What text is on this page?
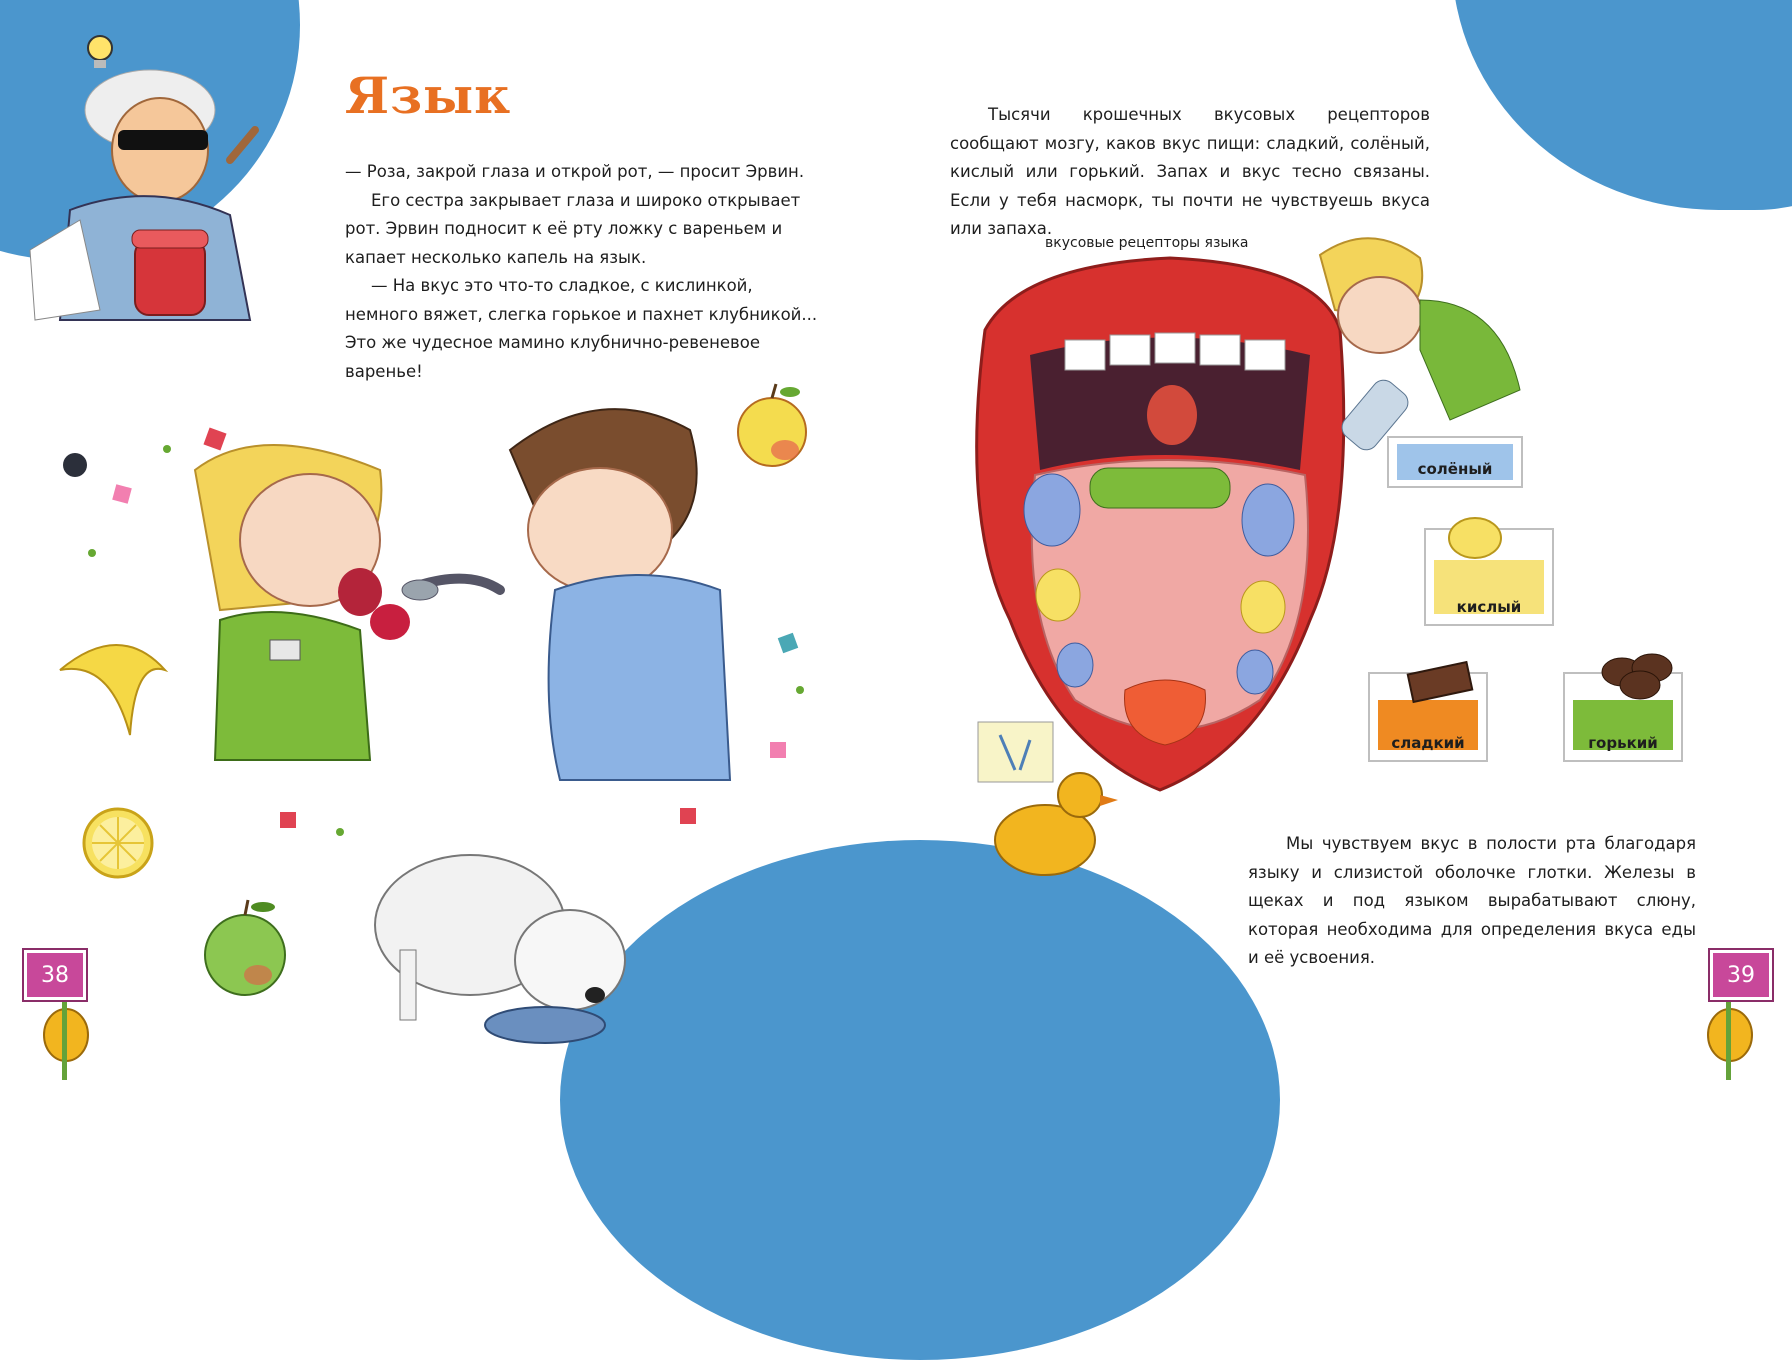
Язык

— Роза, закрой глаза и открой рот, — просит Эрвин.

Его сестра закрывает глаза и широко открывает рот. Эрвин подносит к её рту ложку с вареньем и капает несколько капель на язык.

— На вкус это что-то сладкое, с кислинкой, немного вяжет, слегка горькое и пахнет клубникой... Это же чудесное мамино клубнично-ревеневое варенье!

Тысячи крошечных вкусовых рецепторов сообщают мозгу, каков вкус пищи: сладкий, солёный, кислый или горький. Запах и вкус тесно связаны. Если у тебя насморк, ты почти не чувствуешь вкуса или запаха.

вкусовые рецепторы языка
солёный
кислый
сладкий	горький

Мы чувствуем вкус в полости рта благодаря языку и слизистой оболочке глотки. Железы в щеках и под языком вырабатывают слюну, которая необходима для определения вкуса еды и её усвоения.

38	39
